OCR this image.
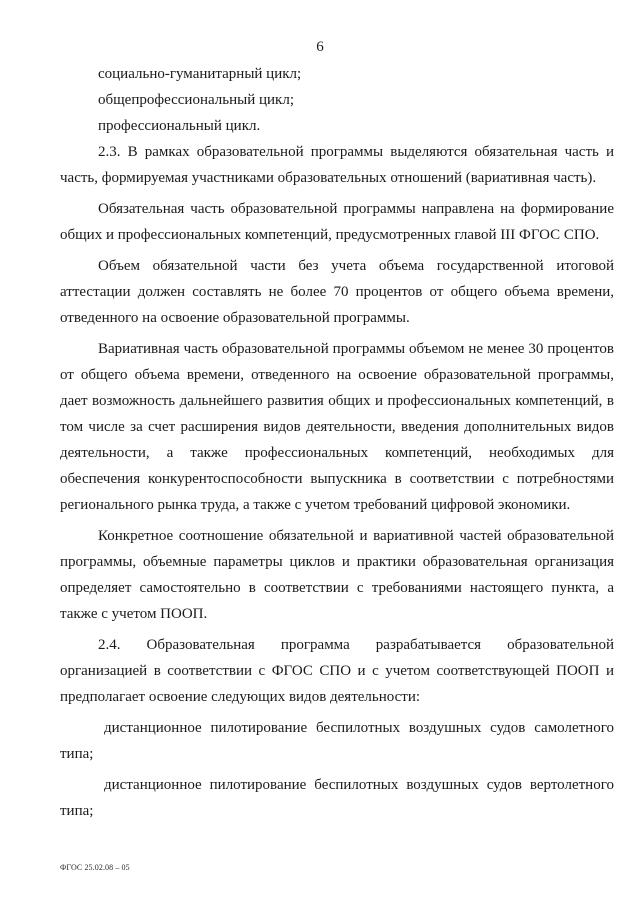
6

социально-гуманитарный цикл;

общепрофессиональный цикл;

профессиональный цикл.

2.3. В рамках образовательной программы выделяются обязательная часть и часть, формируемая участниками образовательных отношений (вариативная часть).

Обязательная часть образовательной программы направлена на формирование общих и профессиональных компетенций, предусмотренных главой III ФГОС СПО.

Объем обязательной части без учета объема государственной итоговой аттестации должен составлять не более 70 процентов от общего объема времени, отведенного на освоение образовательной программы.

Вариативная часть образовательной программы объемом не менее 30 процентов от общего объема времени, отведенного на освоение образовательной программы, дает возможность дальнейшего развития общих и профессиональных компетенций, в том числе за счет расширения видов деятельности, введения дополнительных видов деятельности, а также профессиональных компетенций, необходимых для обеспечения конкурентоспособности выпускника в соответствии с потребностями регионального рынка труда, а также с учетом требований цифровой экономики.

Конкретное соотношение обязательной и вариативной частей образовательной программы, объемные параметры циклов и практики образовательная организация определяет самостоятельно в соответствии с требованиями настоящего пункта, а также с учетом ПООП.

2.4. Образовательная программа разрабатывается образовательной организацией в соответствии с ФГОС СПО и с учетом соответствующей ПООП и предполагает освоение следующих видов деятельности:

дистанционное пилотирование беспилотных воздушных судов самолетного типа;

дистанционное пилотирование беспилотных воздушных судов вертолетного типа;

ФГОС 25.02.08 – 05
